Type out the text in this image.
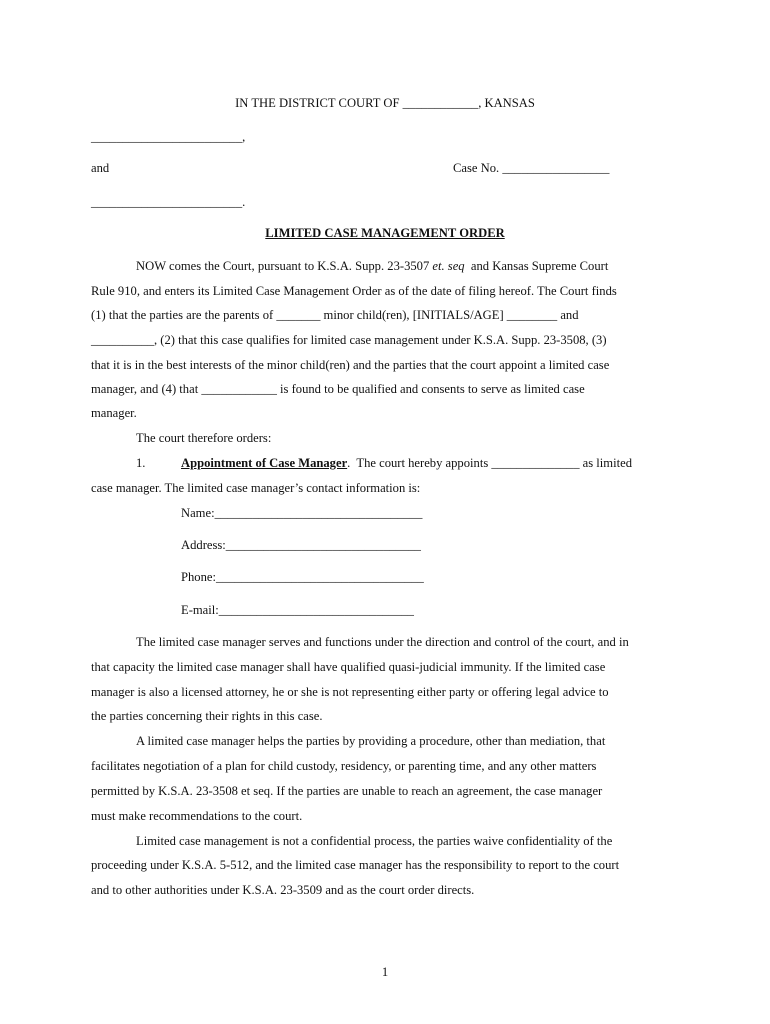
IN THE DISTRICT COURT OF ____________, KANSAS
________________________,
and	Case No. _________________
________________________.
LIMITED CASE MANAGEMENT ORDER
NOW comes the Court, pursuant to K.S.A. Supp. 23-3507 et. seq  and Kansas Supreme Court
Rule 910, and enters its Limited Case Management Order as of the date of filing hereof. The Court finds
(1) that the parties are the parents of _______ minor child(ren), [INITIALS/AGE] ________ and
__________, (2) that this case qualifies for limited case management under K.S.A. Supp. 23-3508, (3)
that it is in the best interests of the minor child(ren) and the parties that the court appoint a limited case
manager, and (4) that ____________ is found to be qualified and consents to serve as limited case
manager.
The court therefore orders:
1.	Appointment of Case Manager.  The court hereby appoints ______________ as limited
case manager. The limited case manager’s contact information is:
Name:_________________________________
Address:_______________________________
Phone:_________________________________
E-mail:_______________________________
The limited case manager serves and functions under the direction and control of the court, and in
that capacity the limited case manager shall have qualified quasi-judicial immunity. If the limited case
manager is also a licensed attorney, he or she is not representing either party or offering legal advice to
the parties concerning their rights in this case.
A limited case manager helps the parties by providing a procedure, other than mediation, that
facilitates negotiation of a plan for child custody, residency, or parenting time, and any other matters
permitted by K.S.A. 23-3508 et seq. If the parties are unable to reach an agreement, the case manager
must make recommendations to the court.
Limited case management is not a confidential process, the parties waive confidentiality of the
proceeding under K.S.A. 5-512, and the limited case manager has the responsibility to report to the court
and to other authorities under K.S.A. 23-3509 and as the court order directs.
1
